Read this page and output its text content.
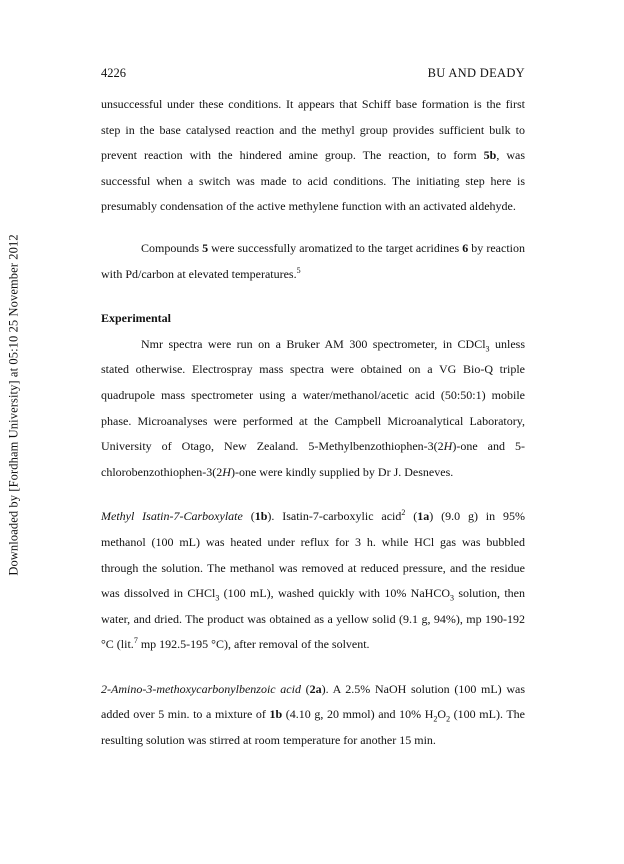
Downloaded by [Fordham University] at 05:10 25 November 2012
4226	BU AND DEADY

unsuccessful under these conditions. It appears that Schiff base formation is the first step in the base catalysed reaction and the methyl group provides sufficient bulk to prevent reaction with the hindered amine group. The reaction, to form 5b, was successful when a switch was made to acid conditions. The initiating step here is presumably condensation of the active methylene function with an activated aldehyde.

Compounds 5 were successfully aromatized to the target acridines 6 by reaction with Pd/carbon at elevated temperatures.$^5$

Experimental

Nmr spectra were run on a Bruker AM 300 spectrometer, in CDCl$_3$ unless stated otherwise. Electrospray mass spectra were obtained on a VG Bio-Q triple quadrupole mass spectrometer using a water/methanol/acetic acid (50:50:1) mobile phase. Microanalyses were performed at the Campbell Microanalytical Laboratory, University of Otago, New Zealand. 5-Methylbenzothiophen-3(2H)-one and 5-chlorobenzothiophen-3(2H)-one were kindly supplied by Dr J. Desneves.

Methyl Isatin-7-Carboxylate (1b). Isatin-7-carboxylic acid$^2$ (1a) (9.0 g) in 95% methanol (100 mL) was heated under reflux for 3 h. while HCl gas was bubbled through the solution. The methanol was removed at reduced pressure, and the residue was dissolved in CHCl$_3$ (100 mL), washed quickly with 10% NaHCO$_3$ solution, then water, and dried. The product was obtained as a yellow solid (9.1 g, 94%), mp 190-192 °C (lit.$^7$ mp 192.5-195 °C), after removal of the solvent.

2-Amino-3-methoxycarbonylbenzoic acid (2a). A 2.5% NaOH solution (100 mL) was added over 5 min. to a mixture of 1b (4.10 g, 20 mmol) and 10% $H_2O_2$ (100 mL). The resulting solution was stirred at room temperature for another 15 min.
